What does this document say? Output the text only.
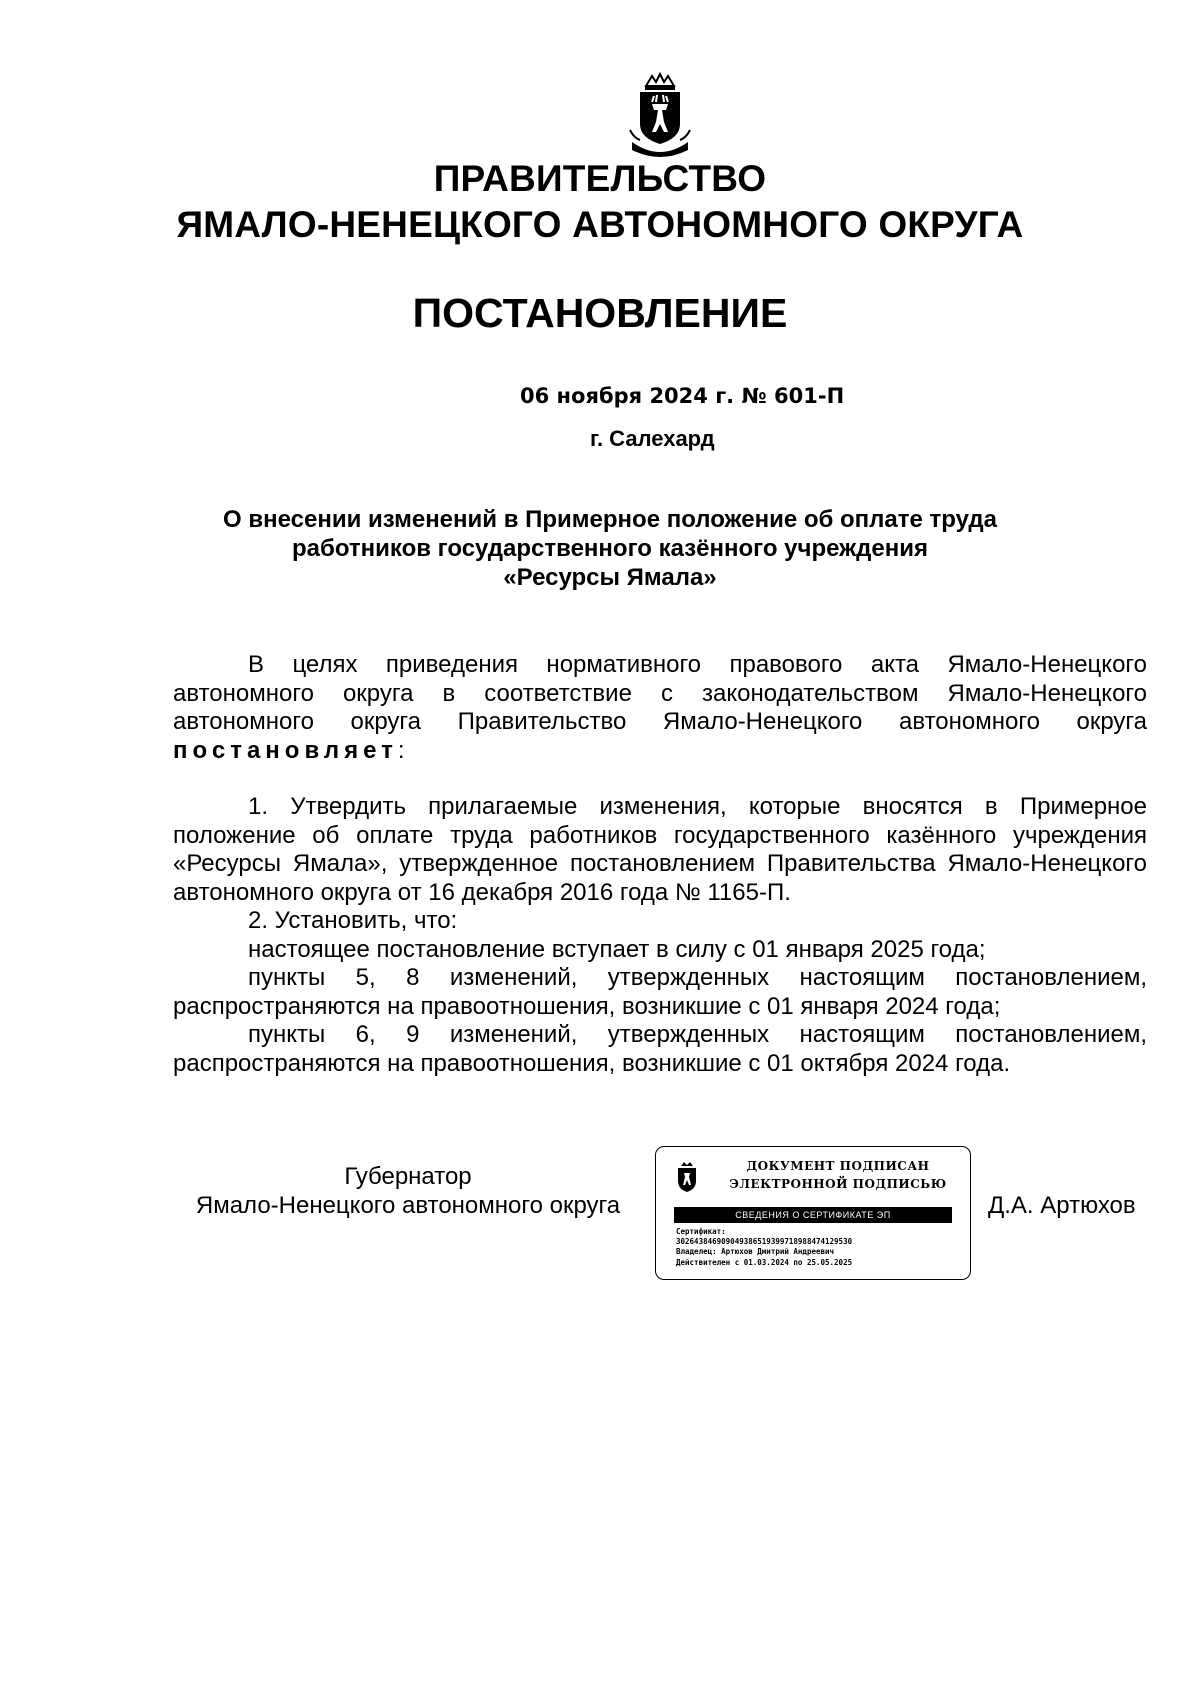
ПРАВИТЕЛЬСТВО
ЯМАЛО-НЕНЕЦКОГО АВТОНОМНОГО ОКРУГА
ПОСТАНОВЛЕНИЕ
06 ноября 2024 г. № 601-П
г. Салехард
О внесении изменений в Примерное положение об оплате труда
работников государственного казённого учреждения
«Ресурсы Ямала»

В целях приведения нормативного правового акта Ямало-Ненецкого автономного округа в соответствие с законодательством Ямало-Ненецкого автономного округа Правительство Ямало-Ненецкого автономного округа постановляет:

1. Утвердить прилагаемые изменения, которые вносятся в Примерное положение об оплате труда работников государственного казённого учреждения «Ресурсы Ямала», утвержденное постановлением Правительства Ямало-Ненецкого автономного округа от 16 декабря 2016 года № 1165-П.

2. Установить, что:

настоящее постановление вступает в силу с 01 января 2025 года;

пункты 5, 8 изменений, утвержденных настоящим постановлением, распространяются на правоотношения, возникшие с 01 января 2024 года;

пункты 6, 9 изменений, утвержденных настоящим постановлением, распространяются на правоотношения, возникшие с 01 октября 2024 года.

Губернатор
Ямало-Ненецкого автономного округа
ДОКУМЕНТ ПОДПИСАН
ЭЛЕКТРОННОЙ ПОДПИСЬЮ
СВЕДЕНИЯ О СЕРТИФИКАТЕ ЭП
Сертификат:
302643846909049386519399718988474129530
Владелец: Артюхов Дмитрий Андреевич
Действителен с 01.03.2024 по 25.05.2025
Д.А. Артюхов
